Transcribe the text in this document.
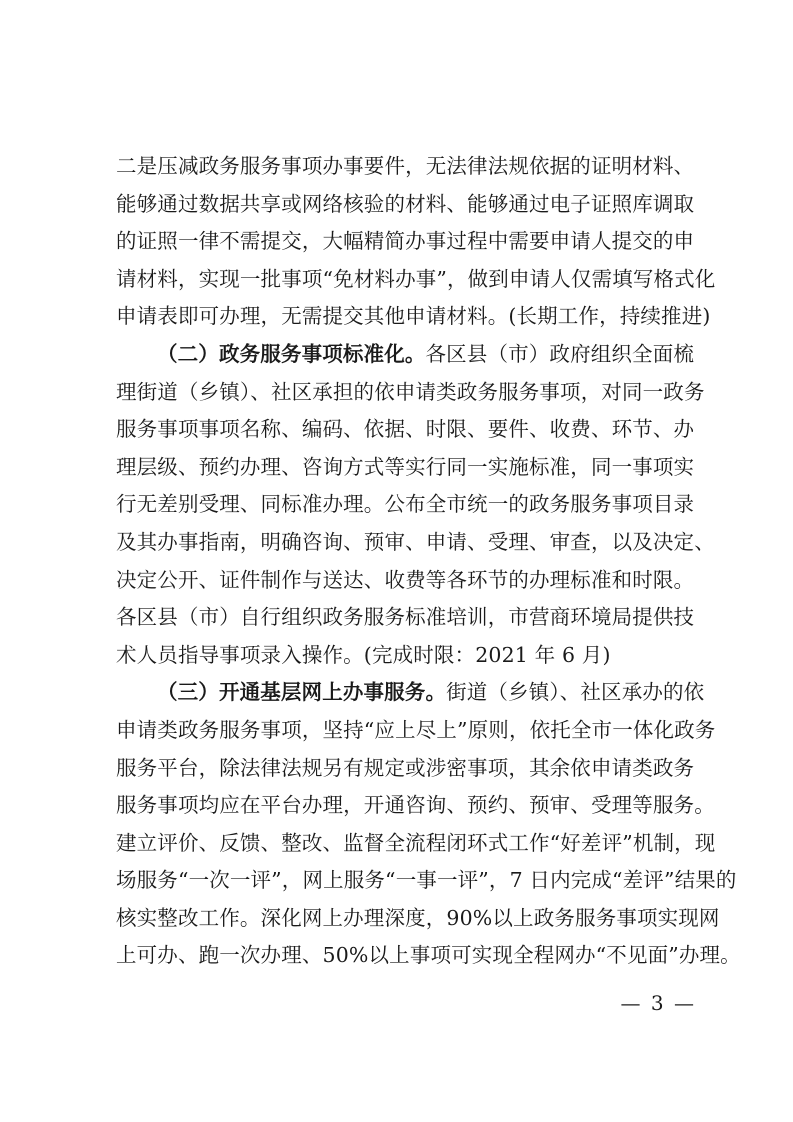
二是压减政务服务事项办事要件，无法律法规依据的证明材料、
能够通过数据共享或网络核验的材料、能够通过电子证照库调取
的证照一律不需提交，大幅精简办事过程中需要申请人提交的申
请材料，实现一批事项“免材料办事”，做到申请人仅需填写格式化
申请表即可办理，无需提交其他申请材料。(长期工作，持续推进)
（二）政务服务事项标准化。各区县（市）政府组织全面梳
理街道（乡镇）、社区承担的依申请类政务服务事项，对同一政务
服务事项事项名称、编码、依据、时限、要件、收费、环节、办
理层级、预约办理、咨询方式等实行同一实施标准，同一事项实
行无差别受理、同标准办理。公布全市统一的政务服务事项目录
及其办事指南，明确咨询、预审、申请、受理、审查，以及决定、
决定公开、证件制作与送达、收费等各环节的办理标准和时限。
各区县（市）自行组织政务服务标准培训，市营商环境局提供技
术人员指导事项录入操作。(完成时限：2021 年 6 月)
（三）开通基层网上办事服务。街道（乡镇）、社区承办的依
申请类政务服务事项，坚持“应上尽上”原则，依托全市一体化政务
服务平台，除法律法规另有规定或涉密事项，其余依申请类政务
服务事项均应在平台办理，开通咨询、预约、预审、受理等服务。
建立评价、反馈、整改、监督全流程闭环式工作“好差评”机制，现
场服务“一次一评”，网上服务“一事一评”，7 日内完成“差评”结果的
核实整改工作。深化网上办理深度，90%以上政务服务事项实现网
上可办、跑一次办理、50%以上事项可实现全程网办“不见面”办理。
— 3 —
